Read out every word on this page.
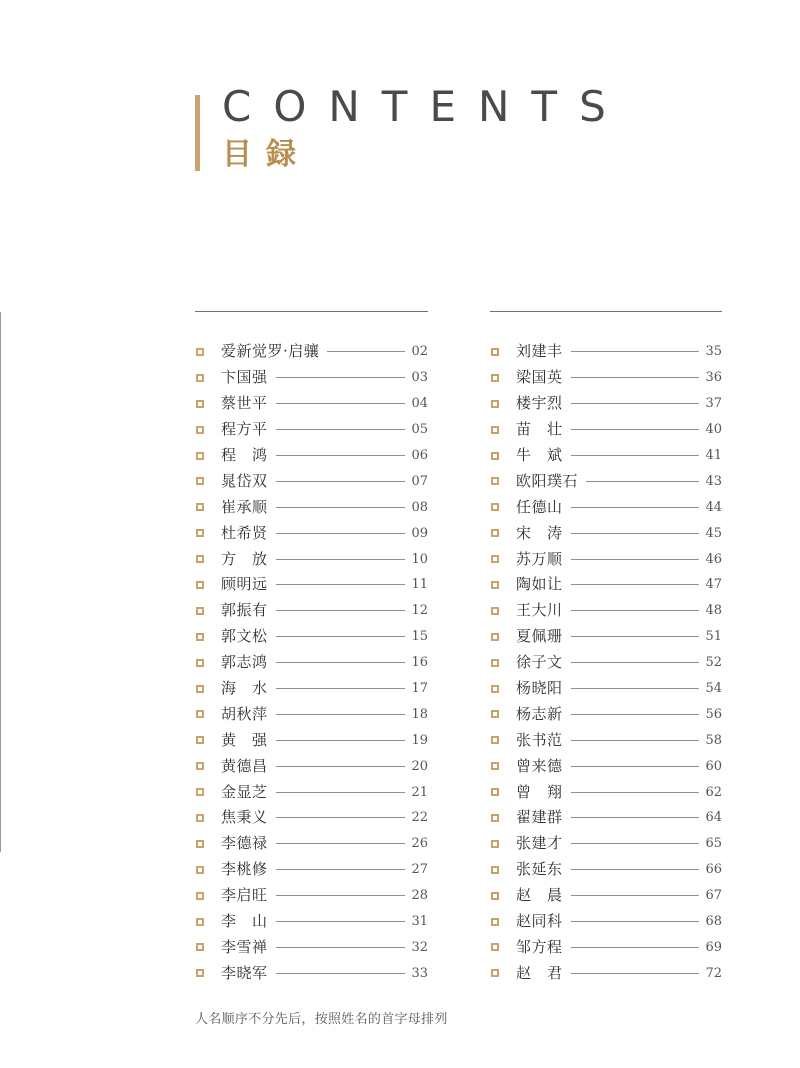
CONTENTS
目録
爱新觉罗·启骧	02
卞国强	03
蔡世平	04
程方平	05
程　鸿	06
晁岱双	07
崔承顺	08
杜希贤	09
方　放	10
顾明远	11
郭振有	12
郭文松	15
郭志鸿	16
海　水	17
胡秋萍	18
黄　强	19
黄德昌	20
金显芝	21
焦秉义	22
李德禄	26
李桃修	27
李启旺	28
李　山	31
李雪禅	32
李晓军	33
刘建丰	35
梁国英	36
楼宇烈	37
苗　壮	40
牛　斌	41
欧阳璞石	43
任德山	44
宋　涛	45
苏万顺	46
陶如让	47
王大川	48
夏佩珊	51
徐子文	52
杨晓阳	54
杨志新	56
张书范	58
曾来德	60
曾　翔	62
翟建群	64
张建才	65
张延东	66
赵　晨	67
赵同科	68
邹方程	69
赵　君	72
人名顺序不分先后，按照姓名的首字母排列
